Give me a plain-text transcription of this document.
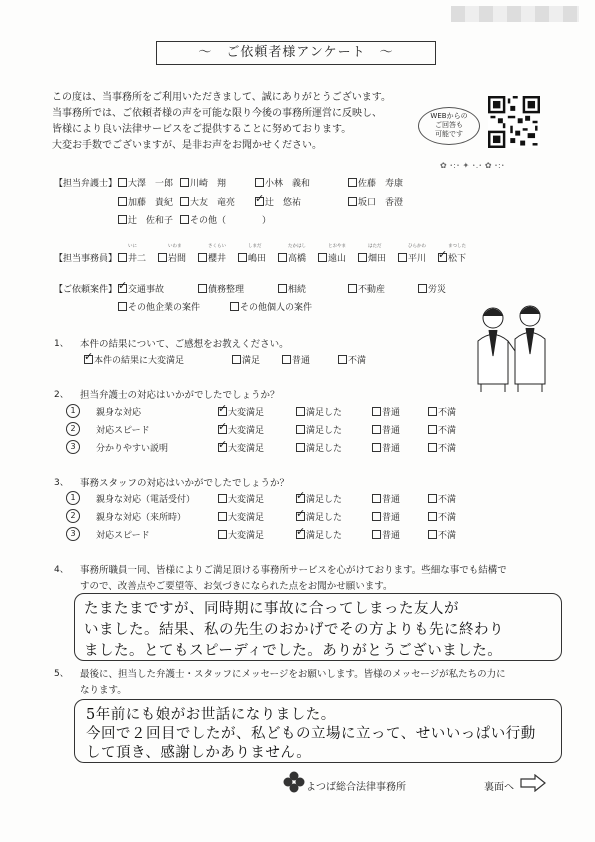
～　ご依頼者様アンケート　～
この度は、当事務所をご利用いただきまして、誠にありがとうございます。
当事務所では、ご依頼者様の声を可能な限り今後の事務所運営に反映し、
皆様により良い法律サービスをご提供することに努めております。
大変お手数でございますが、是非お声をお聞かせください。
WEBからの
ご回答も
可能です
✿ ･:･ ✦ ･.･ ✿ ･:･
【担当弁護士】
【担当事務員】
【ご依頼案件】
1、 本件の結果について、ご感想をお教えください。
2、 担当弁護士の対応はいかがでしたでしょうか？
3、 事務スタッフの対応はいかがでしたでしょうか？
4、 事務所職員一同、皆様によりご満足頂ける事務所サービスを心がけております。些細な事でも結構で
すので、改善点やご要望等、お気づきになられた点をお聞かせ願います。
たまたまですが、同時期に事故に合ってしまった友人が
いました。結果、私の先生のおかげでその方よりも先に終わり
ました。とてもスピーディでした。ありがとうございました。
5、 最後に、担当した弁護士・スタッフにメッセージをお願いします。皆様のメッセージが私たちの力に
なります。
5年前にも娘がお世話になりました。
今回で２回目でしたが、私どもの立場に立って、せいいっぱい行動
して頂き、感謝しかありません。
よつば総合法律事務所	裏面へ
大澤　一郎	川崎　翔	小林　義和	佐藤　寿康
加藤　貴紀	大友　竜亮 ✓	辻　悠祐	坂口　香澄
辻　佐和子	その他（　　　　）
井二
いに
岩間
いわま
櫻井
さくらい
嶋田
しまだ
高橋
たかはし
遠山
とおやま
畑田
はただ
平川
ひらかわ
✓松下
まつした
✓交通事故	債務整理	相続	不動産	労災
その他企業の案件	その他個人の案件
✓本件の結果に大変満足	満足	普通	不満
1	親身な対応 ✓	大変満足	満足した	普通	不満
2	対応スピード ✓	大変満足	満足した	普通	不満
3	分かりやすい説明 ✓	大変満足	満足した	普通	不満
1	親身な対応（電話受付）	大変満足 ✓	満足した	普通	不満
2	親身な対応（来所時）	大変満足 ✓	満足した	普通	不満
3	対応スピード	大変満足 ✓	満足した	普通	不満
